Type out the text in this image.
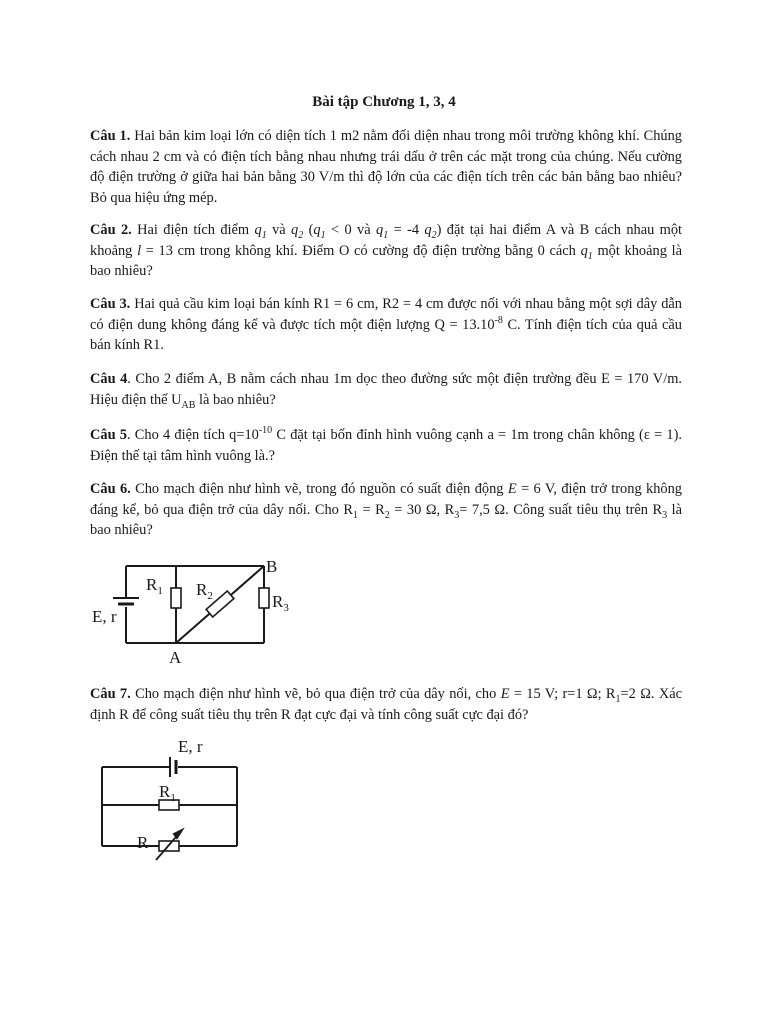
Bài tập Chương 1, 3, 4
Câu 1. Hai bản kim loại lớn có diện tích 1 m2 nằm đối diện nhau trong môi trường không khí. Chúng cách nhau 2 cm và có điện tích bằng nhau nhưng trái dấu ở trên các mặt trong của chúng. Nếu cường độ điện trường ở giữa hai bản bằng 30 V/m thì độ lớn của các điện tích trên các bản bằng bao nhiêu? Bỏ qua hiệu ứng mép.
Câu 2. Hai điện tích điểm $q_1$ và $q_2$ ($q_1 < 0$ và $q_1 = -4$ $q_2$) đặt tại hai điểm A và B cách nhau một khoảng l = 13 cm trong không khí. Điểm O có cường độ điện trường bằng 0 cách $q_1$ một khoảng là bao nhiêu?
Câu 3. Hai quả cầu kim loại bán kính R1 = 6 cm, R2 = 4 cm được nối với nhau bằng một sợi dây dẫn có điện dung không đáng kể và được tích một điện lượng $Q = 13.10^{-8}$ C. Tính điện tích của quả cầu bán kính R1.
Câu 4. Cho 2 điểm A, B nằm cách nhau 1m dọc theo đường sức một điện trường đều E = 170 V/m. Hiệu điện thế $U_{AB}$ là bao nhiêu?
Câu 5. Cho 4 điện tích $q=10^{-10}$ C đặt tại bốn đỉnh hình vuông cạnh a = 1m trong chân không (ε = 1). Điện thế tại tâm hình vuông là.?
Câu 6. Cho mạch điện như hình vẽ, trong đó nguồn có suất điện động E = 6 V, điện trở trong không đáng kể, bỏ qua điện trở của dây nối. Cho $R_1 = R_2 = 30$ Ω, $R_3= 7,5$ Ω. Công suất tiêu thụ trên $R_3$ là bao nhiêu?
$R_1$ $R_2$	$R_3$
B
A
E, r
Câu 7. Cho mạch điện như hình vẽ, bỏ qua điện trở của dây nối, cho E = 15 V; r=1 Ω; $R_1=2$ Ω. Xác định R để công suất tiêu thụ trên R đạt cực đại và tính công suất cực đại đó?
E, r
$R_1$
R
